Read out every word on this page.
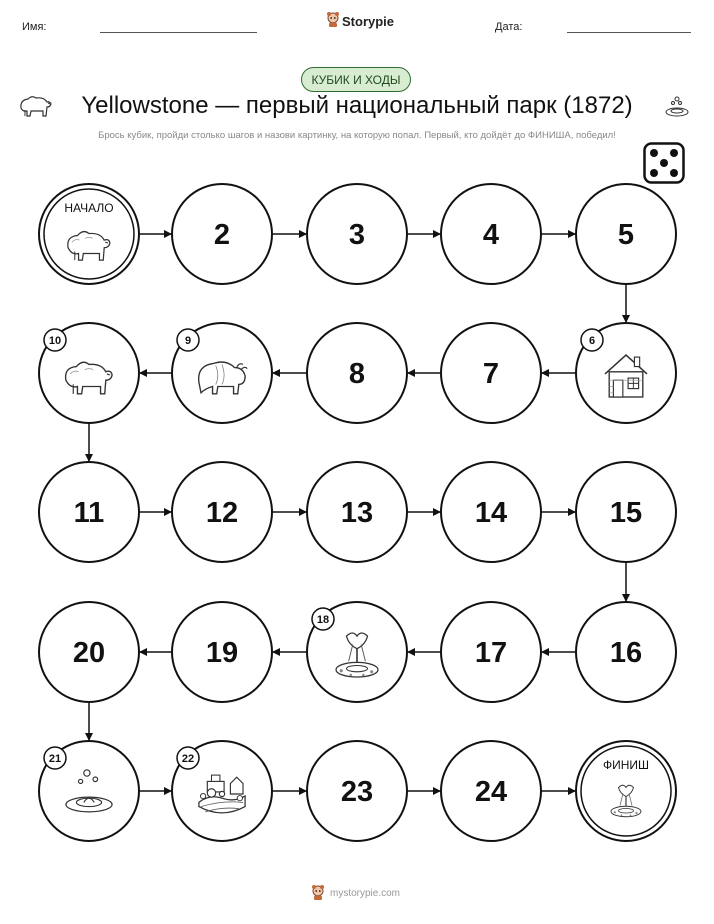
Имя:	Storypie	Дата:
КУБИК И ХОДЫ
Yellowstone — первый национальный парк (1872)
Брось кубик, пройди столько шагов и назови картинку, на которую попал. Первый, кто дойдёт до ФИНИША, победил!
НАЧАЛО
2	3	4	5
6
7
8
9
10
11	12	13	14	15
16
17
18
19
20
21	22
23	24
ФИНИШ
mystorypie.com
